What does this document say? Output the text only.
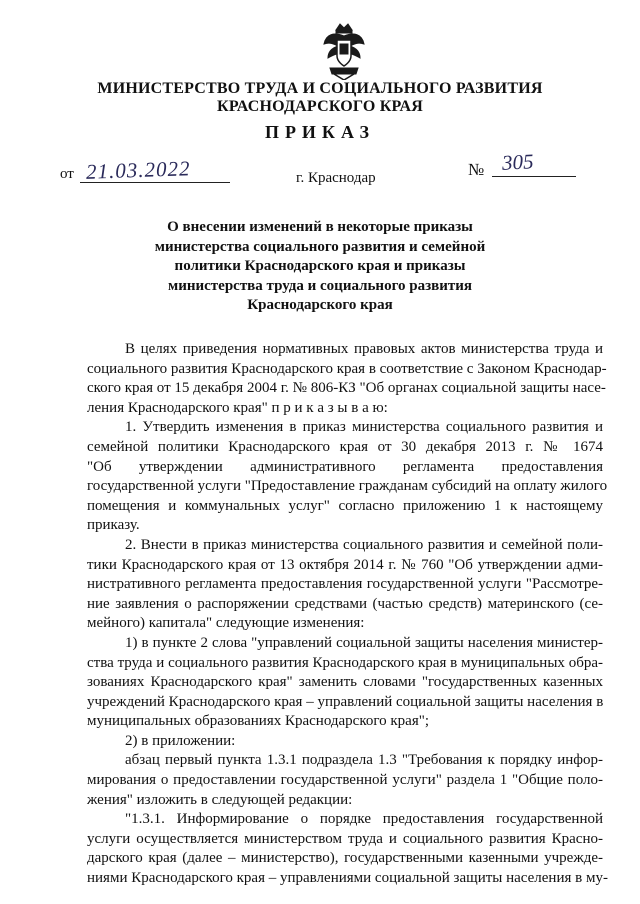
МИНИСТЕРСТВО ТРУДА И СОЦИАЛЬНОГО РАЗВИТИЯ
КРАСНОДАРСКОГО КРАЯ
ПРИКАЗ
от 21.03.2022	г. Краснодар	№ 305
О внесении изменений в некоторые приказы
министерства социального развития и семейной
политики Краснодарского края и приказы
министерства труда и социального развития
Краснодарского края
В целях приведения нормативных правовых актов министерства труда и
социального развития Краснодарского края в соответствие с Законом Краснодар-
ского края от 15 декабря 2004 г. № 806-КЗ "Об органах социальной защиты насе-
ления Краснодарского края" п р и к а з ы в а ю:
1. Утвердить изменения в приказ министерства социального развития и
семейной политики Краснодарского края от 30 декабря 2013 г. № 1674
"Об утверждении административного регламента предоставления
государственной услуги "Предоставление гражданам субсидий на оплату жилого
помещения и коммунальных услуг" согласно приложению 1 к настоящему
приказу.
2. Внести в приказ министерства социального развития и семейной поли-
тики Краснодарского края от 13 октября 2014 г. № 760 "Об утверждении адми-
нистративного регламента предоставления государственной услуги "Рассмотре-
ние заявления о распоряжении средствами (частью средств) материнского (се-
мейного) капитала" следующие изменения:
1) в пункте 2 слова "управлений социальной защиты населения министер-
ства труда и социального развития Краснодарского края в муниципальных обра-
зованиях Краснодарского края" заменить словами "государственных казенных
учреждений Краснодарского края – управлений социальной защиты населения в
муниципальных образованиях Краснодарского края";
2) в приложении:
абзац первый пункта 1.3.1 подраздела 1.3 "Требования к порядку инфор-
мирования о предоставлении государственной услуги" раздела 1 "Общие поло-
жения" изложить в следующей редакции:
"1.3.1. Информирование о порядке предоставления государственной
услуги осуществляется министерством труда и социального развития Красно-
дарского края (далее – министерство), государственными казенными учрежде-
ниями Краснодарского края – управлениями социальной защиты населения в му-
